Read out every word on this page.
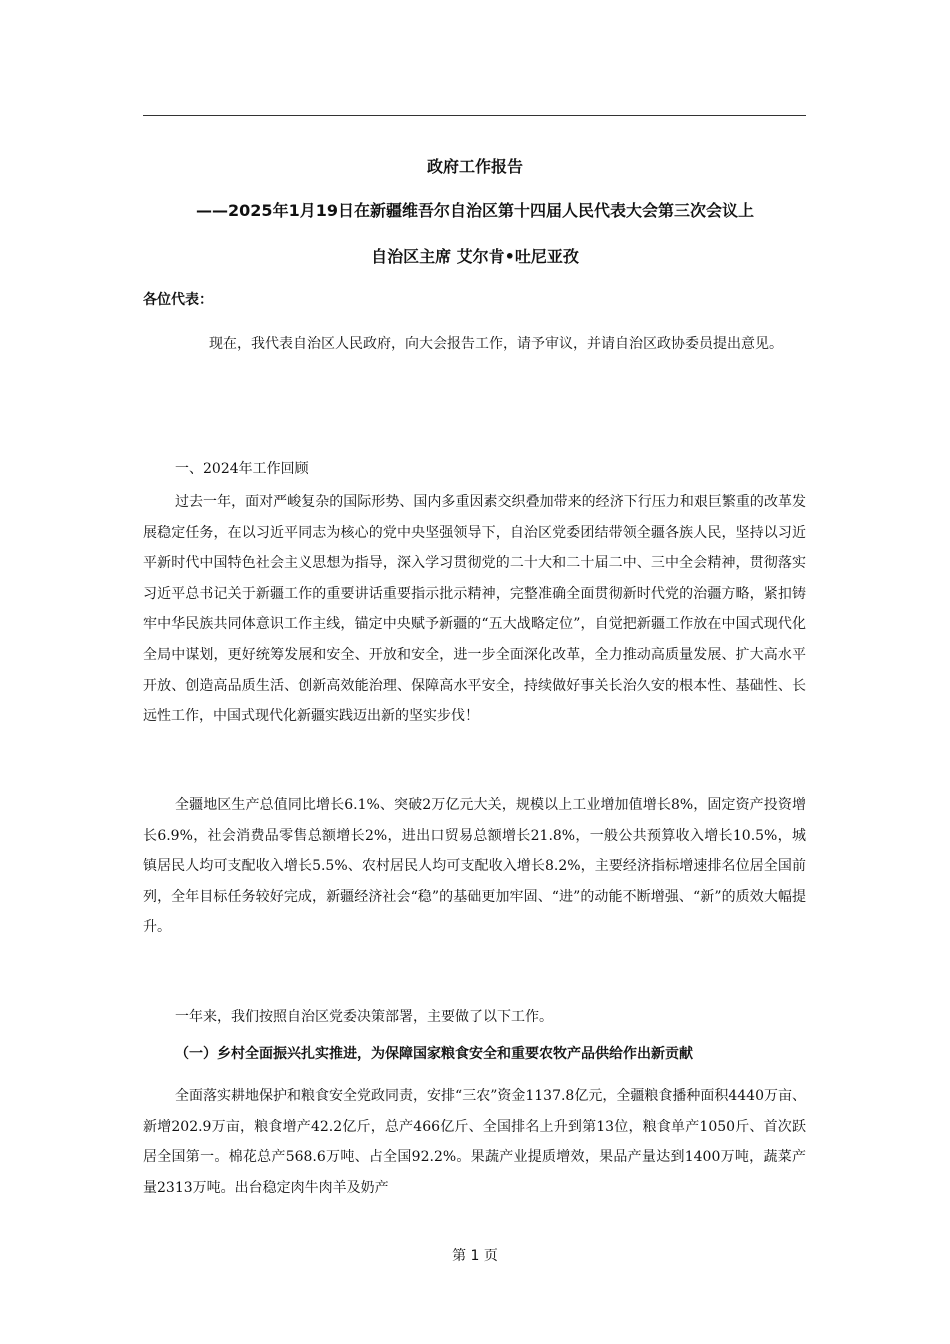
政府工作报告
——2025年1月19日在新疆维吾尔自治区第十四届人民代表大会第三次会议上
自治区主席 艾尔肯•吐尼亚孜
各位代表：

现在，我代表自治区人民政府，向大会报告工作，请予审议，并请自治区政协委员提出意见。

一、2024年工作回顾

过去一年，面对严峻复杂的国际形势、国内多重因素交织叠加带来的经济下行压力和艰巨繁重的改革发展稳定任务，在以习近平同志为核心的党中央坚强领导下，自治区党委团结带领全疆各族人民，坚持以习近平新时代中国特色社会主义思想为指导，深入学习贯彻党的二十大和二十届二中、三中全会精神，贯彻落实习近平总书记关于新疆工作的重要讲话重要指示批示精神，完整准确全面贯彻新时代党的治疆方略，紧扣铸牢中华民族共同体意识工作主线，锚定中央赋予新疆的“五大战略定位”，自觉把新疆工作放在中国式现代化全局中谋划，更好统筹发展和安全、开放和安全，进一步全面深化改革，全力推动高质量发展、扩大高水平开放、创造高品质生活、创新高效能治理、保障高水平安全，持续做好事关长治久安的根本性、基础性、长远性工作，中国式现代化新疆实践迈出新的坚实步伐！

全疆地区生产总值同比增长6.1%、突破2万亿元大关，规模以上工业增加值增长8%，固定资产投资增长6.9%，社会消费品零售总额增长2%，进出口贸易总额增长21.8%，一般公共预算收入增长10.5%，城镇居民人均可支配收入增长5.5%、农村居民人均可支配收入增长8.2%，主要经济指标增速排名位居全国前列，全年目标任务较好完成，新疆经济社会“稳”的基础更加牢固、“进”的动能不断增强、“新”的质效大幅提升。

一年来，我们按照自治区党委决策部署，主要做了以下工作。

（一）乡村全面振兴扎实推进，为保障国家粮食安全和重要农牧产品供给作出新贡献

全面落实耕地保护和粮食安全党政同责，安排“三农”资金1137.8亿元，全疆粮食播种面积4440万亩、新增202.9万亩，粮食增产42.2亿斤，总产466亿斤、全国排名上升到第13位，粮食单产1050斤、首次跃居全国第一。棉花总产568.6万吨、占全国92.2%。果蔬产业提质增效，果品产量达到1400万吨，蔬菜产量2313万吨。出台稳定肉牛肉羊及奶产

第 1 页
